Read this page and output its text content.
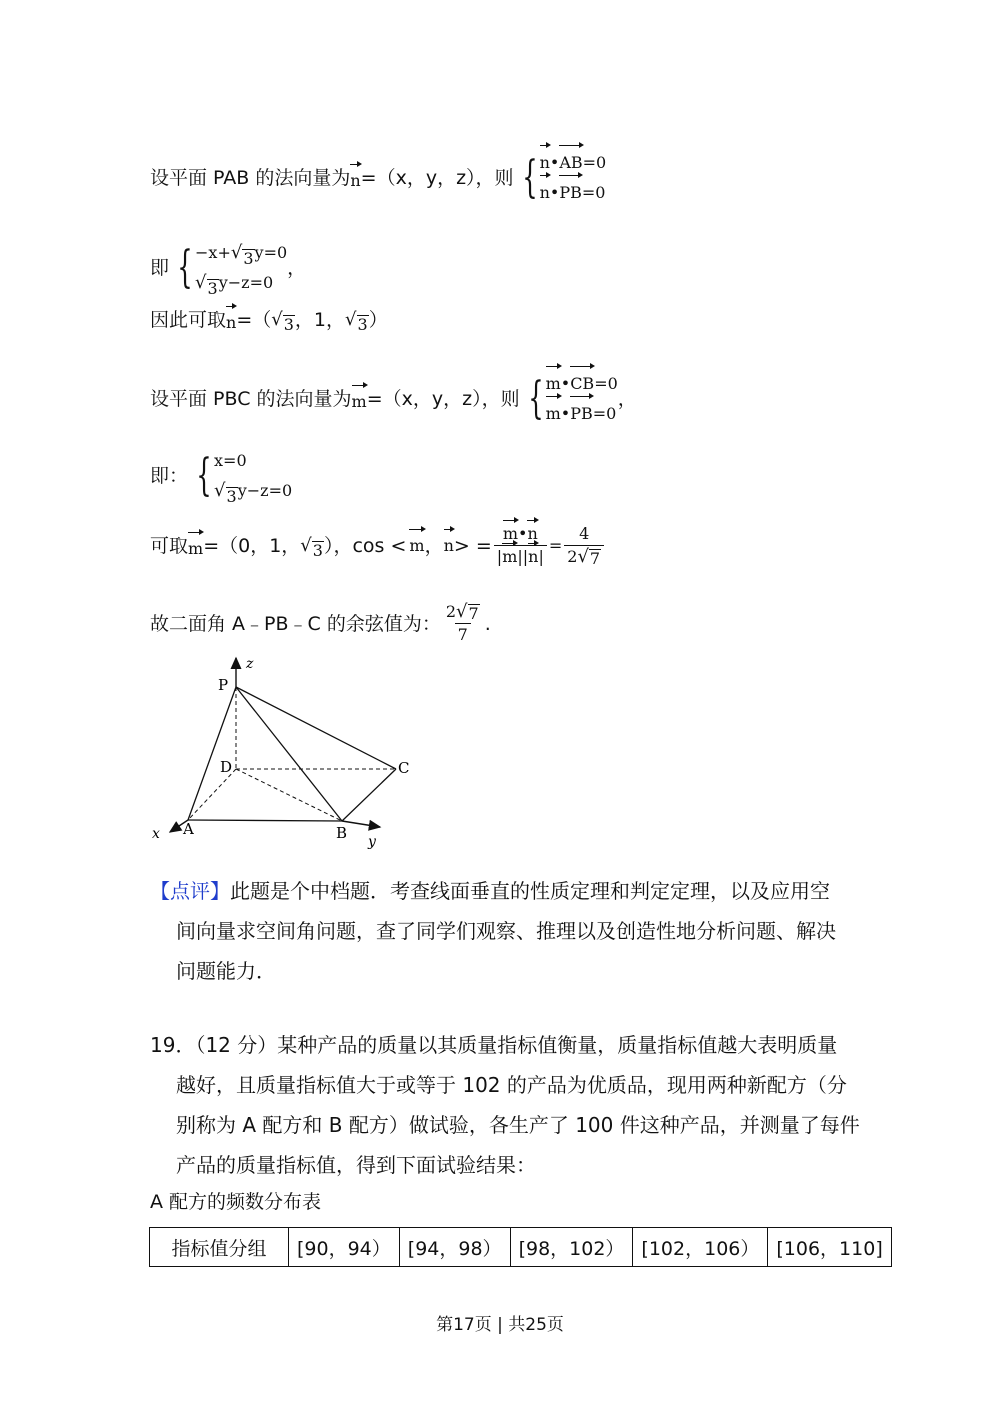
设平面 PAB 的法向量为 n =（x，y，z），则 { n•AB=0
n•PB=0
即 { −x+ √ 3 y=0
√ 3 y−z=0
，
因此可取 n =（ √ 3 ，1， √ 3 ）
设平面 PBC 的法向量为 m =（x，y，z），则 { m•CB=0
m•PB=0
，
即： { x=0
√ 3 y−z=0
可取 m =（0，1， √ 3 ），cos < m ， n > = $\frac{m•n}{|m||n|} = \frac{4}{2 √ 7}$
故二面角 A﹣PB﹣C 的余弦值为： $\frac{2 √ 7}{7}$ .
z
P
D	C
A	B
x	y
【点评】此题是个中档题．考查线面垂直的性质定理和判定定理，以及应用空
间向量求空间角问题，查了同学们观察、推理以及创造性地分析问题、解决
问题能力．
19．（12 分）某种产品的质量以其质量指标值衡量，质量指标值越大表明质量
越好，且质量指标值大于或等于 102 的产品为优质品，现用两种新配方（分
别称为 A 配方和 B 配方）做试验，各生产了 100 件这种产品，并测量了每件
产品的质量指标值，得到下面试验结果：
A 配方的频数分布表
指标值分组	[90，94）	[94，98）	[98，102）	[102，106）	[106，110]
第17页 | 共25页
